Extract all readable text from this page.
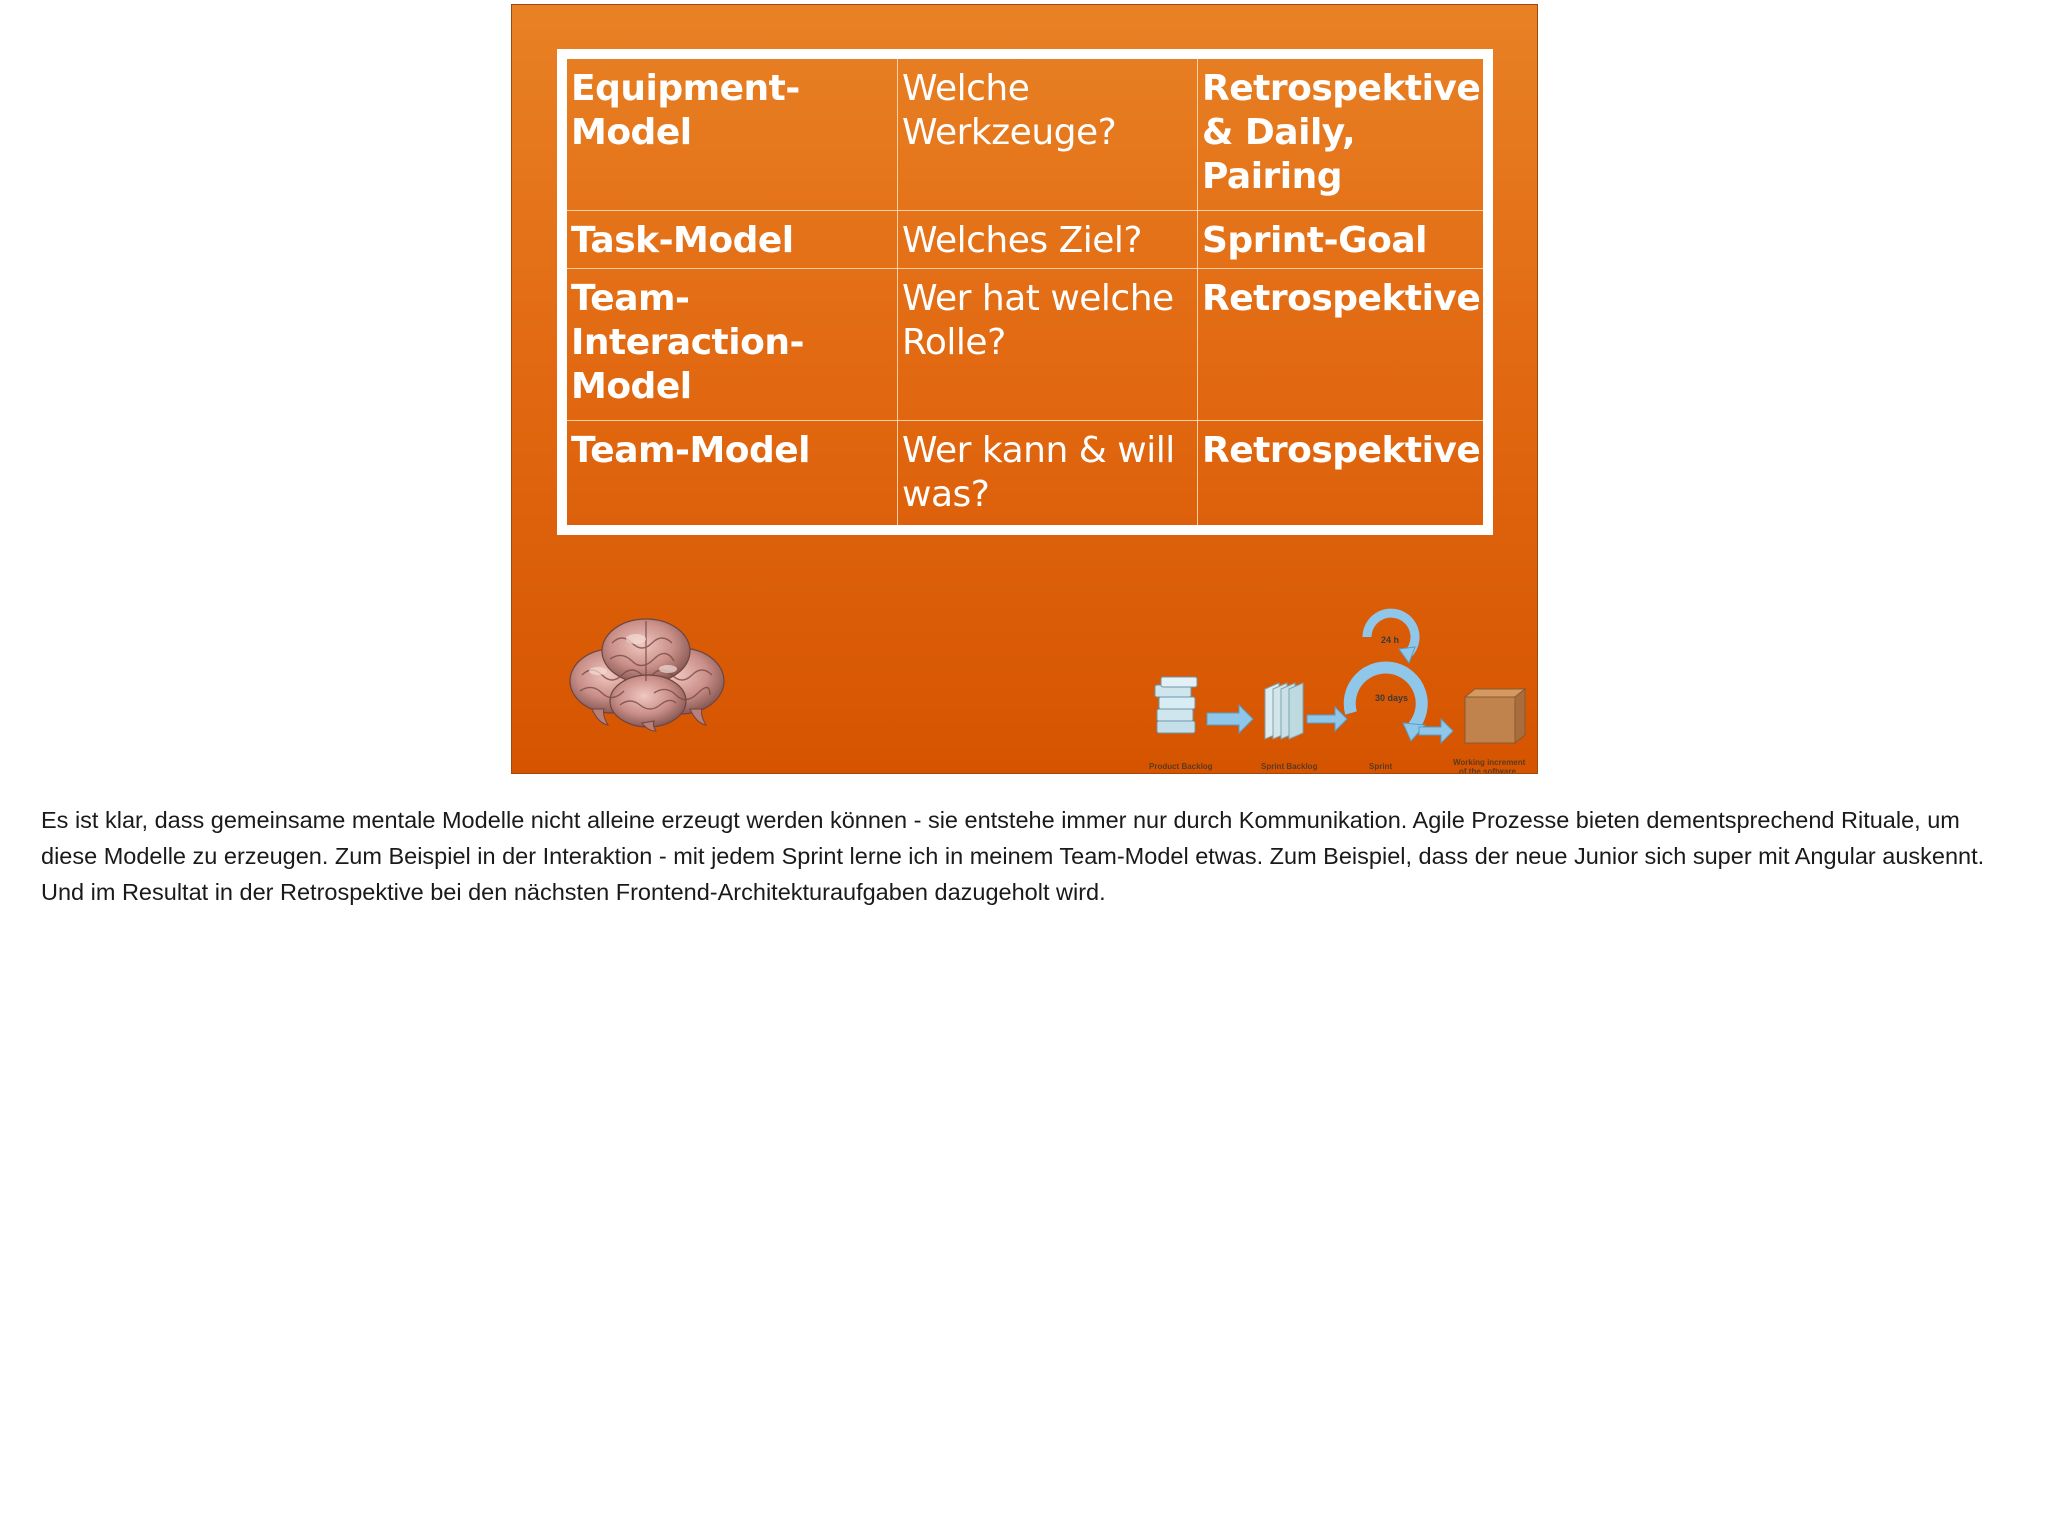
Equipment-Model	Welche Werkzeuge?	Retrospektive & Daily, Pairing
Task-Model	Welches Ziel?	Sprint-Goal
Team-Interaction-Model	Wer hat welche Rolle?	Retrospektive
Team-Model	Wer kann & will was?	Retrospektive
24 h
30 days
Product Backlog	Sprint Backlog	Sprint	Working increment
of the software

Es ist klar, dass gemeinsame mentale Modelle nicht alleine erzeugt werden können - sie entstehe immer nur durch Kommunikation. Agile Prozesse bieten dementsprechend Rituale, um diese Modelle zu erzeugen. Zum Beispiel in der Interaktion - mit jedem Sprint lerne ich in meinem Team-Model etwas. Zum Beispiel, dass der neue Junior sich super mit Angular auskennt. Und im Resultat in der Retrospektive bei den nächsten Frontend-Architekturaufgaben dazugeholt wird.
